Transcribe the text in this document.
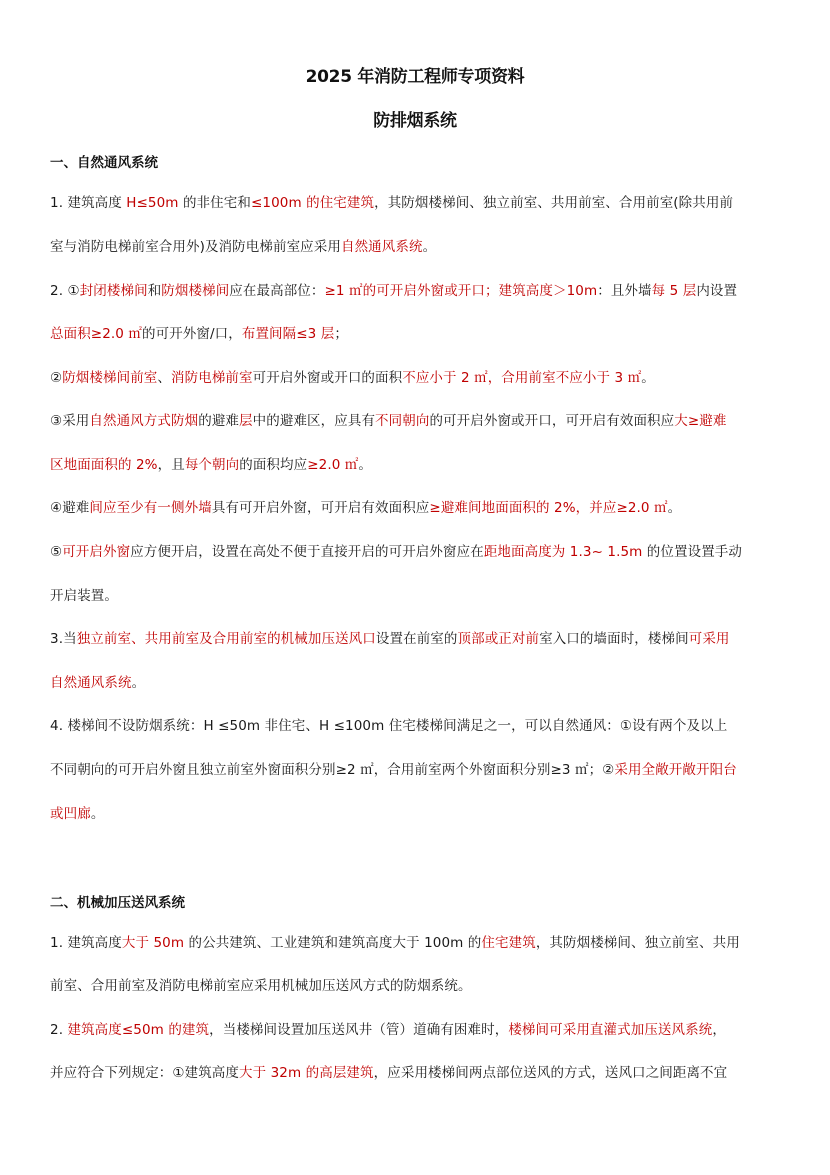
2025 年消防工程师专项资料
防排烟系统
一、自然通风系统
1. 建筑高度 H≤50m 的非住宅和≤100m 的住宅建筑，其防烟楼梯间、独立前室、共用前室、合用前室(除共用前
室与消防电梯前室合用外)及消防电梯前室应采用自然通风系统。
2. ①封闭楼梯间和防烟楼梯间应在最高部位：≥1 ㎡的可开启外窗或开口；建筑高度＞10m：且外墙每 5 层内设置
总面积≥2.0 ㎡的可开外窗/口，布置间隔≤3 层；
②防烟楼梯间前室、消防电梯前室可开启外窗或开口的面积不应小于 2 ㎡，合用前室不应小于 3 ㎡。
③采用自然通风方式防烟的避难层中的避难区，应具有不同朝向的可开启外窗或开口，可开启有效面积应大≥避难
区地面面积的 2%，且每个朝向的面积均应≥2.0 ㎡。
④避难间应至少有一侧外墙具有可开启外窗，可开启有效面积应≥避难间地面面积的 2%，并应≥2.0 ㎡。
⑤可开启外窗应方便开启，设置在高处不便于直接开启的可开启外窗应在距地面高度为 1.3~ 1.5m 的位置设置手动
开启装置。
3.当独立前室、共用前室及合用前室的机械加压送风口设置在前室的顶部或正对前室入口的墙面时，楼梯间可采用
自然通风系统。
4. 楼梯间不设防烟系统：H ≤50m 非住宅、H ≤100m 住宅楼梯间满足之一，可以自然通风：①设有两个及以上
不同朝向的可开启外窗且独立前室外窗面积分别≥2 ㎡，合用前室两个外窗面积分别≥3 ㎡；②采用全敞开敞开阳台
或凹廊。
二、机械加压送风系统
1. 建筑高度大于 50m 的公共建筑、工业建筑和建筑高度大于 100m 的住宅建筑，其防烟楼梯间、独立前室、共用
前室、合用前室及消防电梯前室应采用机械加压送风方式的防烟系统。
2. 建筑高度≤50m 的建筑，当楼梯间设置加压送风井（管）道确有困难时，楼梯间可采用直灌式加压送风系统，
并应符合下列规定：①建筑高度大于 32m 的高层建筑，应采用楼梯间两点部位送风的方式，送风口之间距离不宜
